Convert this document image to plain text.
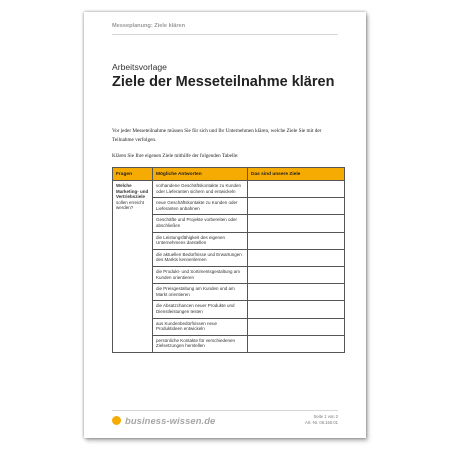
Messeplanung: Ziele klären
Arbeitsvorlage
Ziele der Messeteilnahme klären
Vor jeder Messeteilnahme müssen Sie für sich und Ihr Unternehmen klären, welche Ziele Sie mit der Teilnahme verfolgen.
Klären Sie Ihre eigenen Ziele mithilfe der folgenden Tabelle:
Fragen	Mögliche Antworten	Das sind unsere Ziele
Welche Marketing- und Vertriebsziele sollen erreicht werden?	vorhandene Geschäftskontakte zu Kunden oder Lieferanten sichern und entwickeln	
	neue Geschäftskontakte zu Kunden oder Lieferanten anbahnen	
	Geschäfte und Projekte vorbereiten oder abschließen	
	die Leistungsfähigkeit des eigenen Unternehmens darstellen	
	die aktuellen Bedürfnisse und Erwartungen des Markts kennenlernen	
	die Produkt- und Sortimentsgestaltung am Kunden orientieren	
	die Preisgestaltung am Kunden und am Markt orientieren	
	die Absatzchancen neuer Produkte und Dienstleistungen testen	
	aus Kundenbedürfnissen neue Produktideen entwickeln	
	persönliche Kontakte für verschiedenen Zielsetzungen herstellen	
business-wissen.de	Seite 1 von 2
Art.-Nr. 06.150.01
